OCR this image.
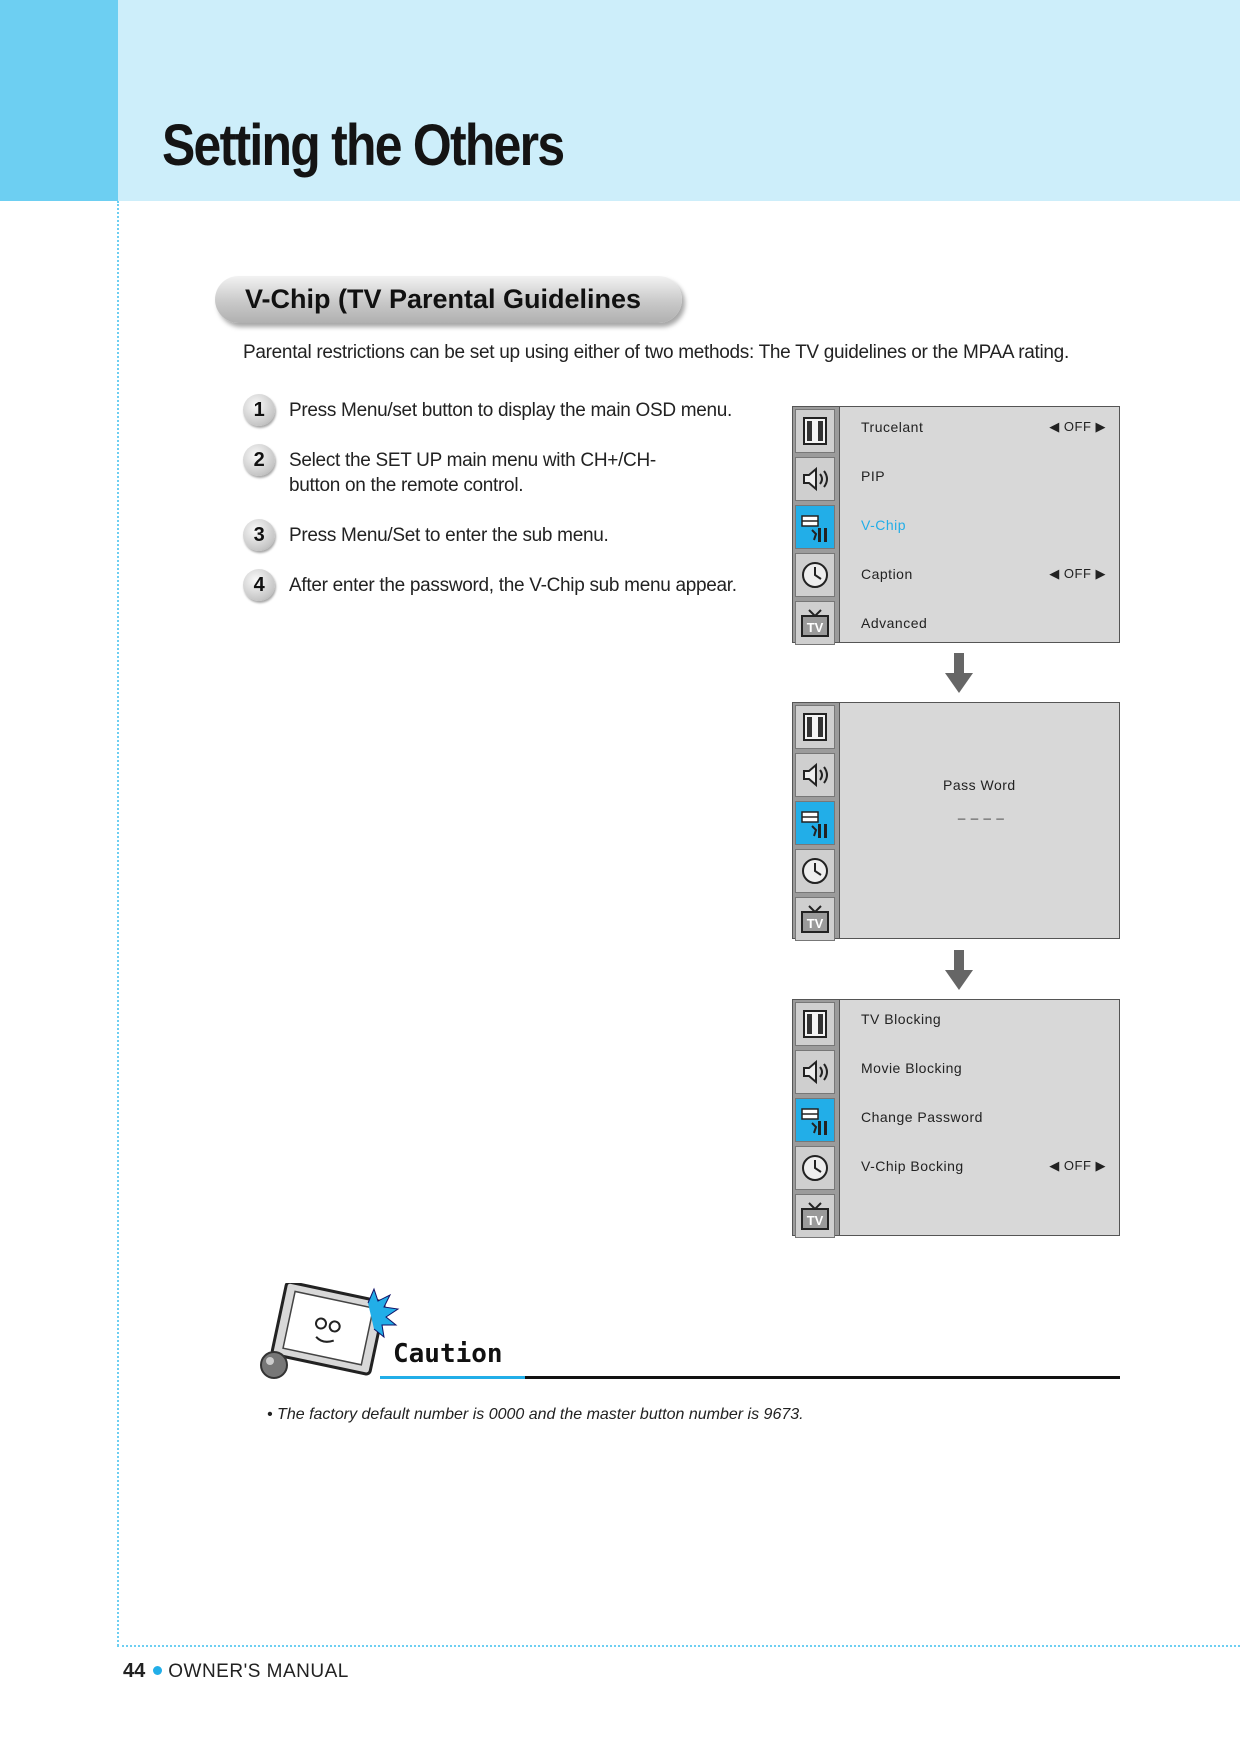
Setting the Others
V-Chip (TV Parental Guidelines
Parental restrictions can be set up using either of two methods: The TV guidelines or the MPAA rating.
1	Press Menu/set button to display the main OSD menu.
2	Select the SET UP main menu with CH+/CH- button on the remote control.
3	Press Menu/Set to enter the sub menu.
4	After enter the password, the V-Chip sub menu appear.
TV
Trucelant	◀ OFF ▶
PIP
V-Chip
Caption	◀ OFF ▶
Advanced
TV
Pass Word
_ _ _ _
TV
TV Blocking
Movie Blocking
Change Password
V-Chip Bocking	◀ OFF ▶
Caution
• The factory default number is 0000 and the master button number is 9673.
44 OWNER'S MANUAL
